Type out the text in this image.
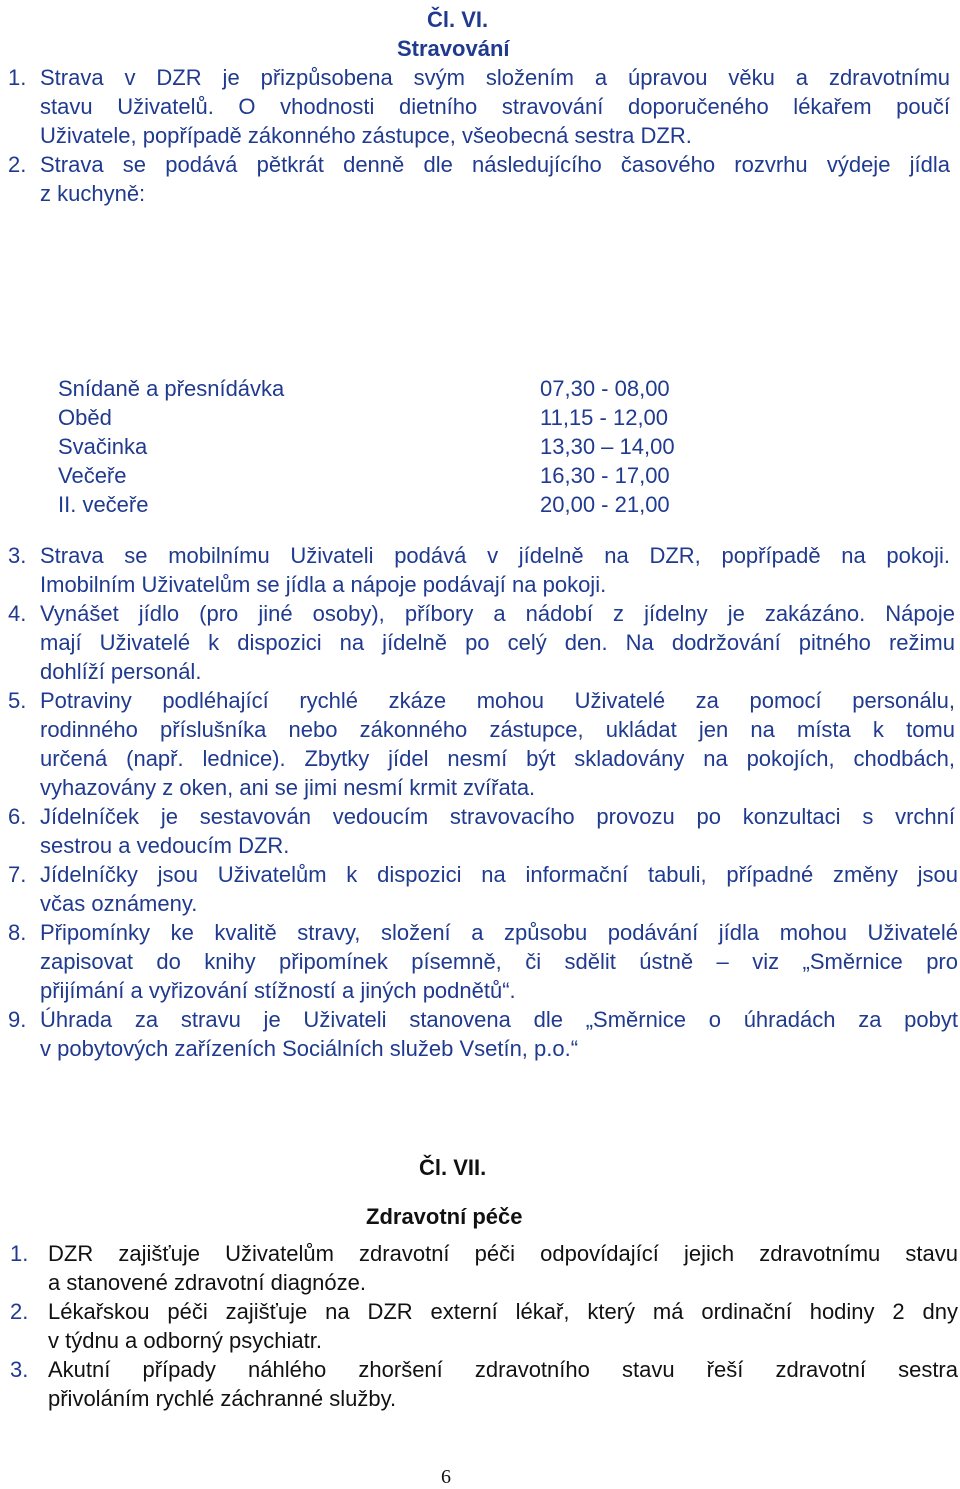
Čl. VI.
Stravování
1. Strava v DZR je přizpůsobena svým složením a úpravou věku a zdravotnímu
stavu Uživatelů. O vhodnosti dietního stravování doporučeného lékařem poučí
Uživatele, popřípadě zákonného zástupce, všeobecná sestra DZR.
2. Strava se podává pětkrát denně dle následujícího časového rozvrhu výdeje jídla
z kuchyně:
Snídaně a přesnídávka	07,30 - 08,00
Oběd	11,15 - 12,00
Svačinka	13,30 – 14,00
Večeře	16,30 - 17,00
II. večeře	20,00 - 21,00
3. Strava se mobilnímu Uživateli podává v jídelně na DZR, popřípadě na pokoji.
Imobilním Uživatelům se jídla a nápoje podávají na pokoji.
4. Vynášet jídlo (pro jiné osoby), příbory a nádobí z jídelny je zakázáno. Nápoje
mají Uživatelé k dispozici na jídelně po celý den. Na dodržování pitného režimu
dohlíží personál.
5. Potraviny podléhající rychlé zkáze mohou Uživatelé za pomocí personálu,
rodinného příslušníka nebo zákonného zástupce, ukládat jen na místa k tomu
určená (např. lednice). Zbytky jídel nesmí být skladovány na pokojích, chodbách,
vyhazovány z oken, ani se jimi nesmí krmit zvířata.
6. Jídelníček je sestavován vedoucím stravovacího provozu po konzultaci s vrchní
sestrou a vedoucím DZR.
7. Jídelníčky jsou Uživatelům k dispozici na informační tabuli, případné změny jsou
včas oznámeny.
8. Připomínky ke kvalitě stravy, složení a způsobu podávání jídla mohou Uživatelé
zapisovat do knihy připomínek písemně, či sdělit ústně – viz „Směrnice pro
přijímání a vyřizování stížností a jiných podnětů“.
9. Úhrada za stravu je Uživateli stanovena dle „Směrnice o úhradách za pobyt
v pobytových zařízeních Sociálních služeb Vsetín, p.o.“
Čl. VII.
Zdravotní péče
1. DZR zajišťuje Uživatelům zdravotní péči odpovídající jejich zdravotnímu stavu
a stanovené zdravotní diagnóze.
2. Lékařskou péči zajišťuje na DZR externí lékař, který má ordinační hodiny 2 dny
v týdnu a odborný psychiatr.
3. Akutní případy náhlého zhoršení zdravotního stavu řeší zdravotní sestra
přivoláním rychlé záchranné služby.
6
